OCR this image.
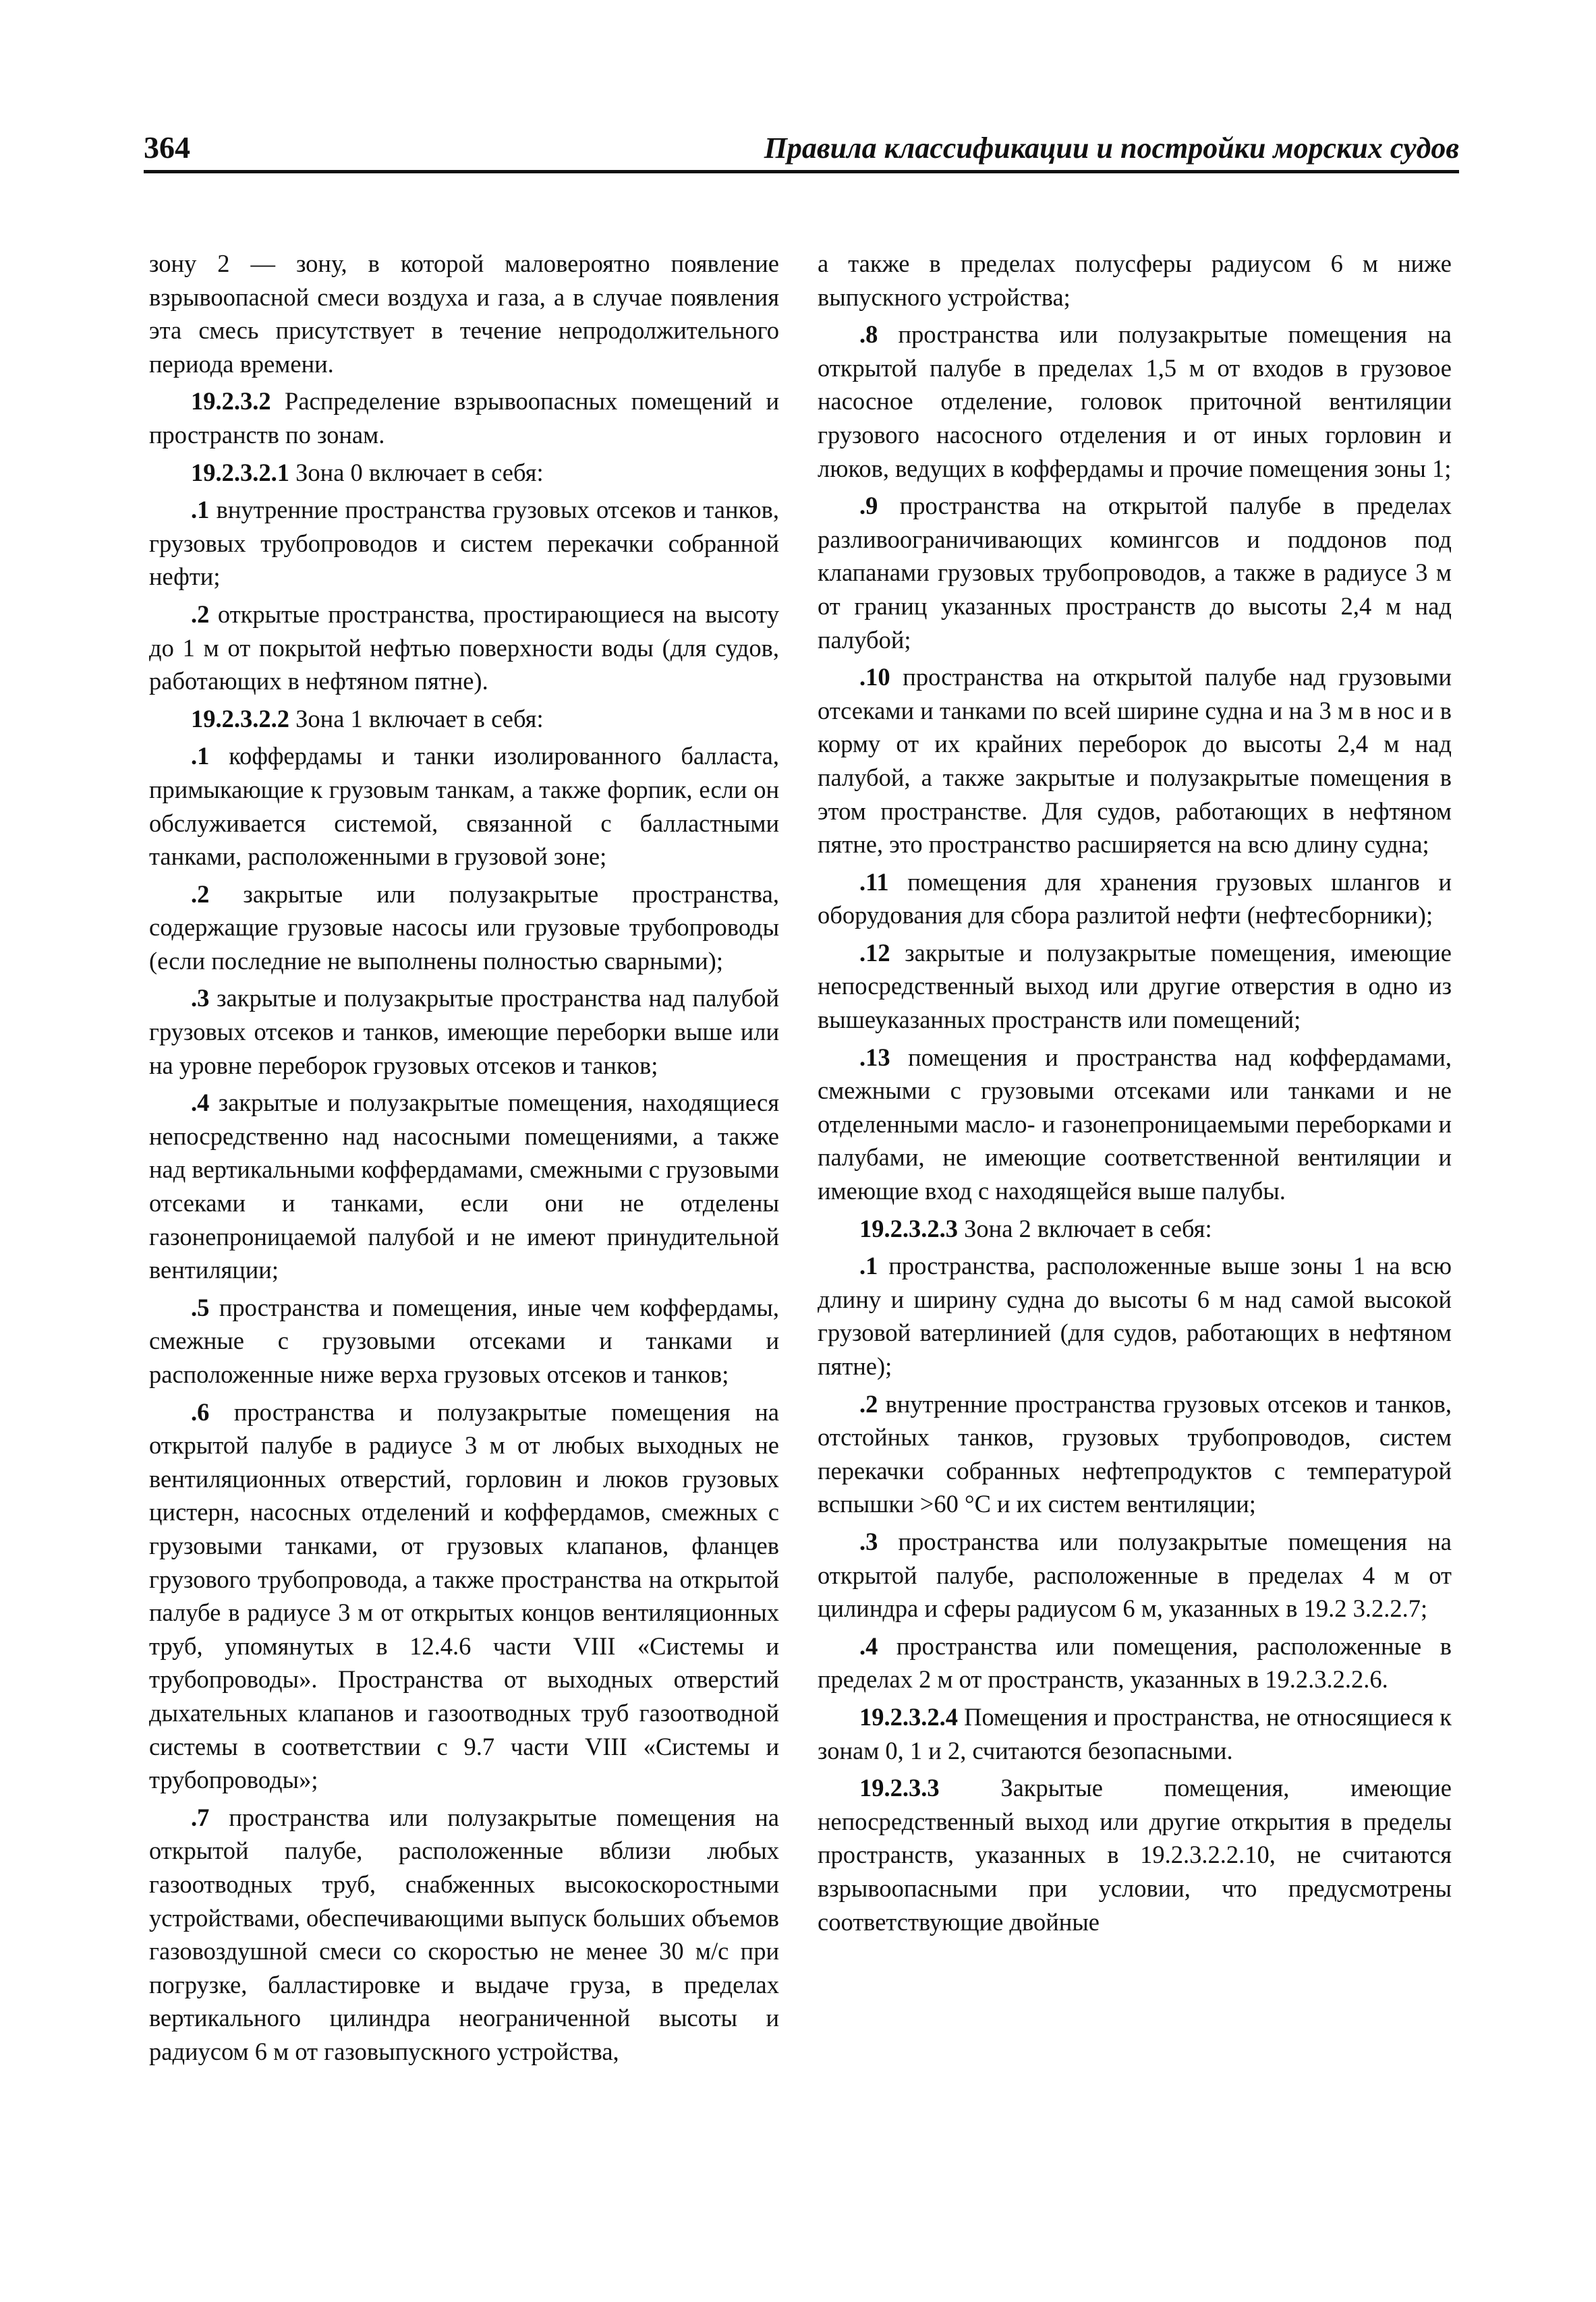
364	Правила классификации и постройки морских судов

зону 2 — зону, в которой маловероятно появление взрывоопасной смеси воздуха и газа, а в случае появления эта смесь присутствует в течение непродолжительного периода времени.

19.2.3.2 Распределение взрывоопасных помещений и пространств по зонам.

19.2.3.2.1 Зона 0 включает в себя:

.1 внутренние пространства грузовых отсеков и танков, грузовых трубопроводов и систем перекачки собранной нефти;

.2 открытые пространства, простирающиеся на высоту до 1 м от покрытой нефтью поверхности воды (для судов, работающих в нефтяном пятне).

19.2.3.2.2 Зона 1 включает в себя:

.1 коффердамы и танки изолированного балласта, примыкающие к грузовым танкам, а также форпик, если он обслуживается системой, связанной с балластными танками, расположенными в грузовой зоне;

.2 закрытые или полузакрытые пространства, содержащие грузовые насосы или грузовые трубопроводы (если последние не выполнены полностью сварными);

.3 закрытые и полузакрытые пространства над палубой грузовых отсеков и танков, имеющие переборки выше или на уровне переборок грузовых отсеков и танков;

.4 закрытые и полузакрытые помещения, находящиеся непосредственно над насосными помещениями, а также над вертикальными коффердамами, смежными с грузовыми отсеками и танками, если они не отделены газонепроницаемой палубой и не имеют принудительной вентиляции;

.5 пространства и помещения, иные чем коффердамы, смежные с грузовыми отсеками и танками и расположенные ниже верха грузовых отсеков и танков;

.6 пространства и полузакрытые помещения на открытой палубе в радиусе 3 м от любых выходных не вентиляционных отверстий, горловин и люков грузовых цистерн, насосных отделений и коффердамов, смежных с грузовыми танками, от грузовых клапанов, фланцев грузового трубопровода, а также пространства на открытой палубе в радиусе 3 м от открытых концов вентиляционных труб, упомянутых в 12.4.6 части VIII «Системы и трубопроводы». Пространства от выходных отверстий дыхательных клапанов и газоотводных труб газоотводной системы в соответствии с 9.7 части VIII «Системы и трубопроводы»;

.7 пространства или полузакрытые помещения на открытой палубе, расположенные вблизи любых газоотводных труб, снабженных высокоскоростными устройствами, обеспечивающими выпуск больших объемов газовоздушной смеси со скоростью не менее 30 м/с при погрузке, балластировке и выдаче груза, в пределах вертикального цилиндра неограниченной высоты и радиусом 6 м от газовыпускного устройства,

а также в пределах полусферы радиусом 6 м ниже выпускного устройства;

.8 пространства или полузакрытые помещения на открытой палубе в пределах 1,5 м от входов в грузовое насосное отделение, головок приточной вентиляции грузового насосного отделения и от иных горловин и люков, ведущих в коффердамы и прочие помещения зоны 1;

.9 пространства на открытой палубе в пределах разливоограничивающих комингсов и поддонов под клапанами грузовых трубопроводов, а также в радиусе 3 м от границ указанных пространств до высоты 2,4 м над палубой;

.10 пространства на открытой палубе над грузовыми отсеками и танками по всей ширине судна и на 3 м в нос и в корму от их крайних переборок до высоты 2,4 м над палубой, а также закрытые и полузакрытые помещения в этом пространстве. Для судов, работающих в нефтяном пятне, это пространство расширяется на всю длину судна;

.11 помещения для хранения грузовых шлангов и оборудования для сбора разлитой нефти (нефтесборники);

.12 закрытые и полузакрытые помещения, имеющие непосредственный выход или другие отверстия в одно из вышеуказанных пространств или помещений;

.13 помещения и пространства над коффердамами, смежными с грузовыми отсеками или танками и не отделенными масло- и газонепроницаемыми переборками и палубами, не имеющие соответственной вентиляции и имеющие вход с находящейся выше палубы.

19.2.3.2.3 Зона 2 включает в себя:

.1 пространства, расположенные выше зоны 1 на всю длину и ширину судна до высоты 6 м над самой высокой грузовой ватерлинией (для судов, работающих в нефтяном пятне);

.2 внутренние пространства грузовых отсеков и танков, отстойных танков, грузовых трубопроводов, систем перекачки собранных нефтепродуктов с температурой вспышки >60 °С и их систем вентиляции;

.3 пространства или полузакрытые помещения на открытой палубе, расположенные в пределах 4 м от цилиндра и сферы радиусом 6 м, указанных в 19.2 3.2.2.7;

.4 пространства или помещения, расположенные в пределах 2 м от пространств, указанных в 19.2.3.2.2.6.

19.2.3.2.4 Помещения и пространства, не относящиеся к зонам 0, 1 и 2, считаются безопасными.

19.2.3.3 Закрытые помещения, имеющие непосредственный выход или другие открытия в пределы пространств, указанных в 19.2.3.2.2.10, не считаются взрывоопасными при условии, что предусмотрены соответствующие двойные
